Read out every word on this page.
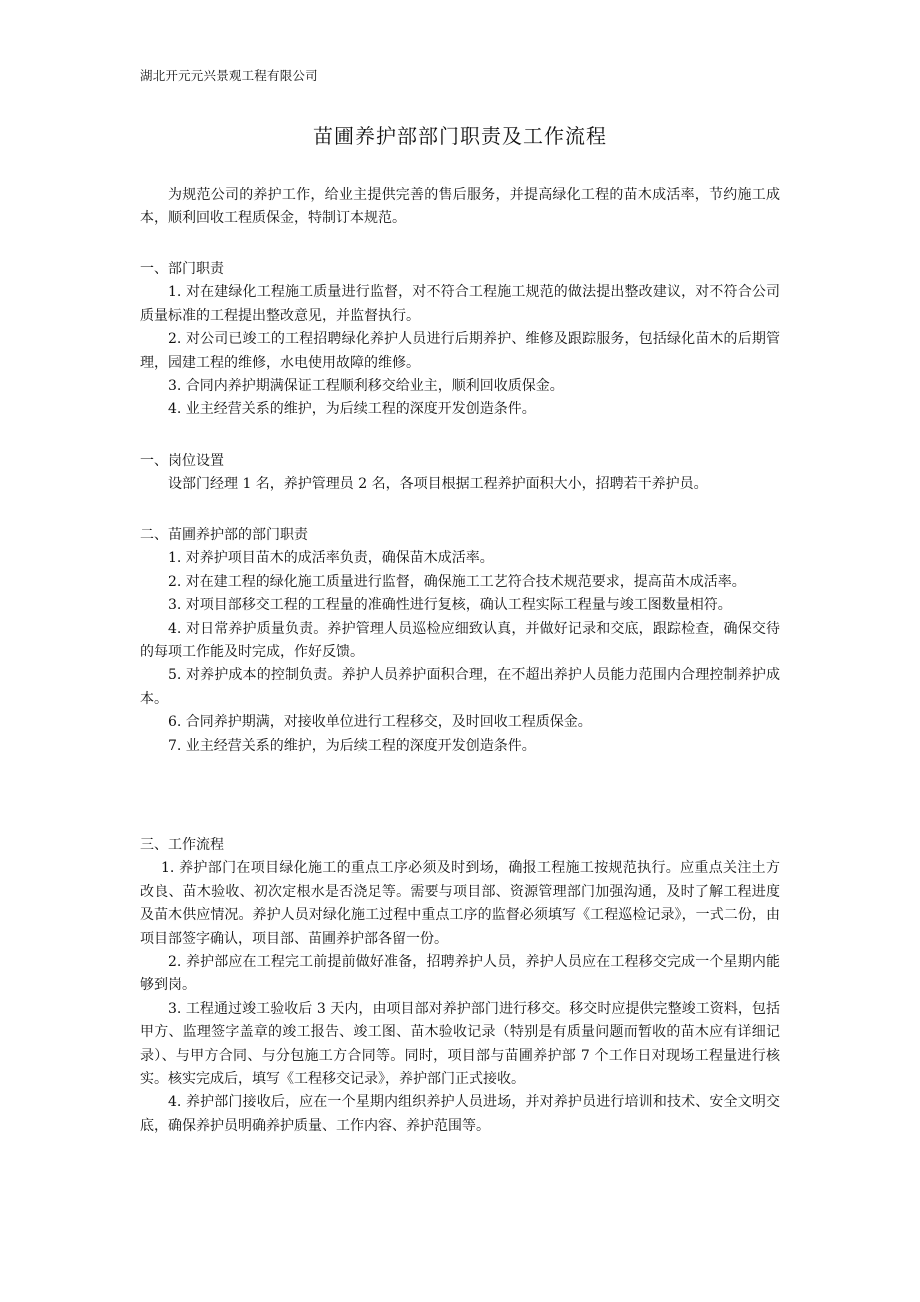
湖北开元元兴景观工程有限公司
苗圃养护部部门职责及工作流程

为规范公司的养护工作，给业主提供完善的售后服务，并提高绿化工程的苗木成活率，节约施工成本，顺利回收工程质保金，特制订本规范。

一、部门职责

1. 对在建绿化工程施工质量进行监督，对不符合工程施工规范的做法提出整改建议，对不符合公司质量标准的工程提出整改意见，并监督执行。

2. 对公司已竣工的工程招聘绿化养护人员进行后期养护、维修及跟踪服务，包括绿化苗木的后期管理，园建工程的维修，水电使用故障的维修。

3. 合同内养护期满保证工程顺利移交给业主，顺利回收质保金。

4. 业主经营关系的维护，为后续工程的深度开发创造条件。

一、岗位设置

设部门经理 1 名，养护管理员 2 名，各项目根据工程养护面积大小，招聘若干养护员。

二、苗圃养护部的部门职责

1. 对养护项目苗木的成活率负责，确保苗木成活率。

2. 对在建工程的绿化施工质量进行监督，确保施工工艺符合技术规范要求，提高苗木成活率。

3. 对项目部移交工程的工程量的准确性进行复核，确认工程实际工程量与竣工图数量相符。

4. 对日常养护质量负责。养护管理人员巡检应细致认真，并做好记录和交底，跟踪检查，确保交待的每项工作能及时完成，作好反馈。

5. 对养护成本的控制负责。养护人员养护面积合理，在不超出养护人员能力范围内合理控制养护成本。

6. 合同养护期满，对接收单位进行工程移交，及时回收工程质保金。

7. 业主经营关系的维护，为后续工程的深度开发创造条件。

三、工作流程

1. 养护部门在项目绿化施工的重点工序必须及时到场，确报工程施工按规范执行。应重点关注土方改良、苗木验收、初次定根水是否浇足等。需要与项目部、资源管理部门加强沟通，及时了解工程进度及苗木供应情况。养护人员对绿化施工过程中重点工序的监督必须填写《工程巡检记录》，一式二份，由项目部签字确认，项目部、苗圃养护部各留一份。

2. 养护部应在工程完工前提前做好准备，招聘养护人员，养护人员应在工程移交完成一个星期内能够到岗。

3. 工程通过竣工验收后 3 天内，由项目部对养护部门进行移交。移交时应提供完整竣工资料，包括甲方、监理签字盖章的竣工报告、竣工图、苗木验收记录（特别是有质量问题而暂收的苗木应有详细记录）、与甲方合同、与分包施工方合同等。同时，项目部与苗圃养护部 7 个工作日对现场工程量进行核实。核实完成后，填写《工程移交记录》，养护部门正式接收。

4. 养护部门接收后，应在一个星期内组织养护人员进场，并对养护员进行培训和技术、安全文明交底，确保养护员明确养护质量、工作内容、养护范围等。
